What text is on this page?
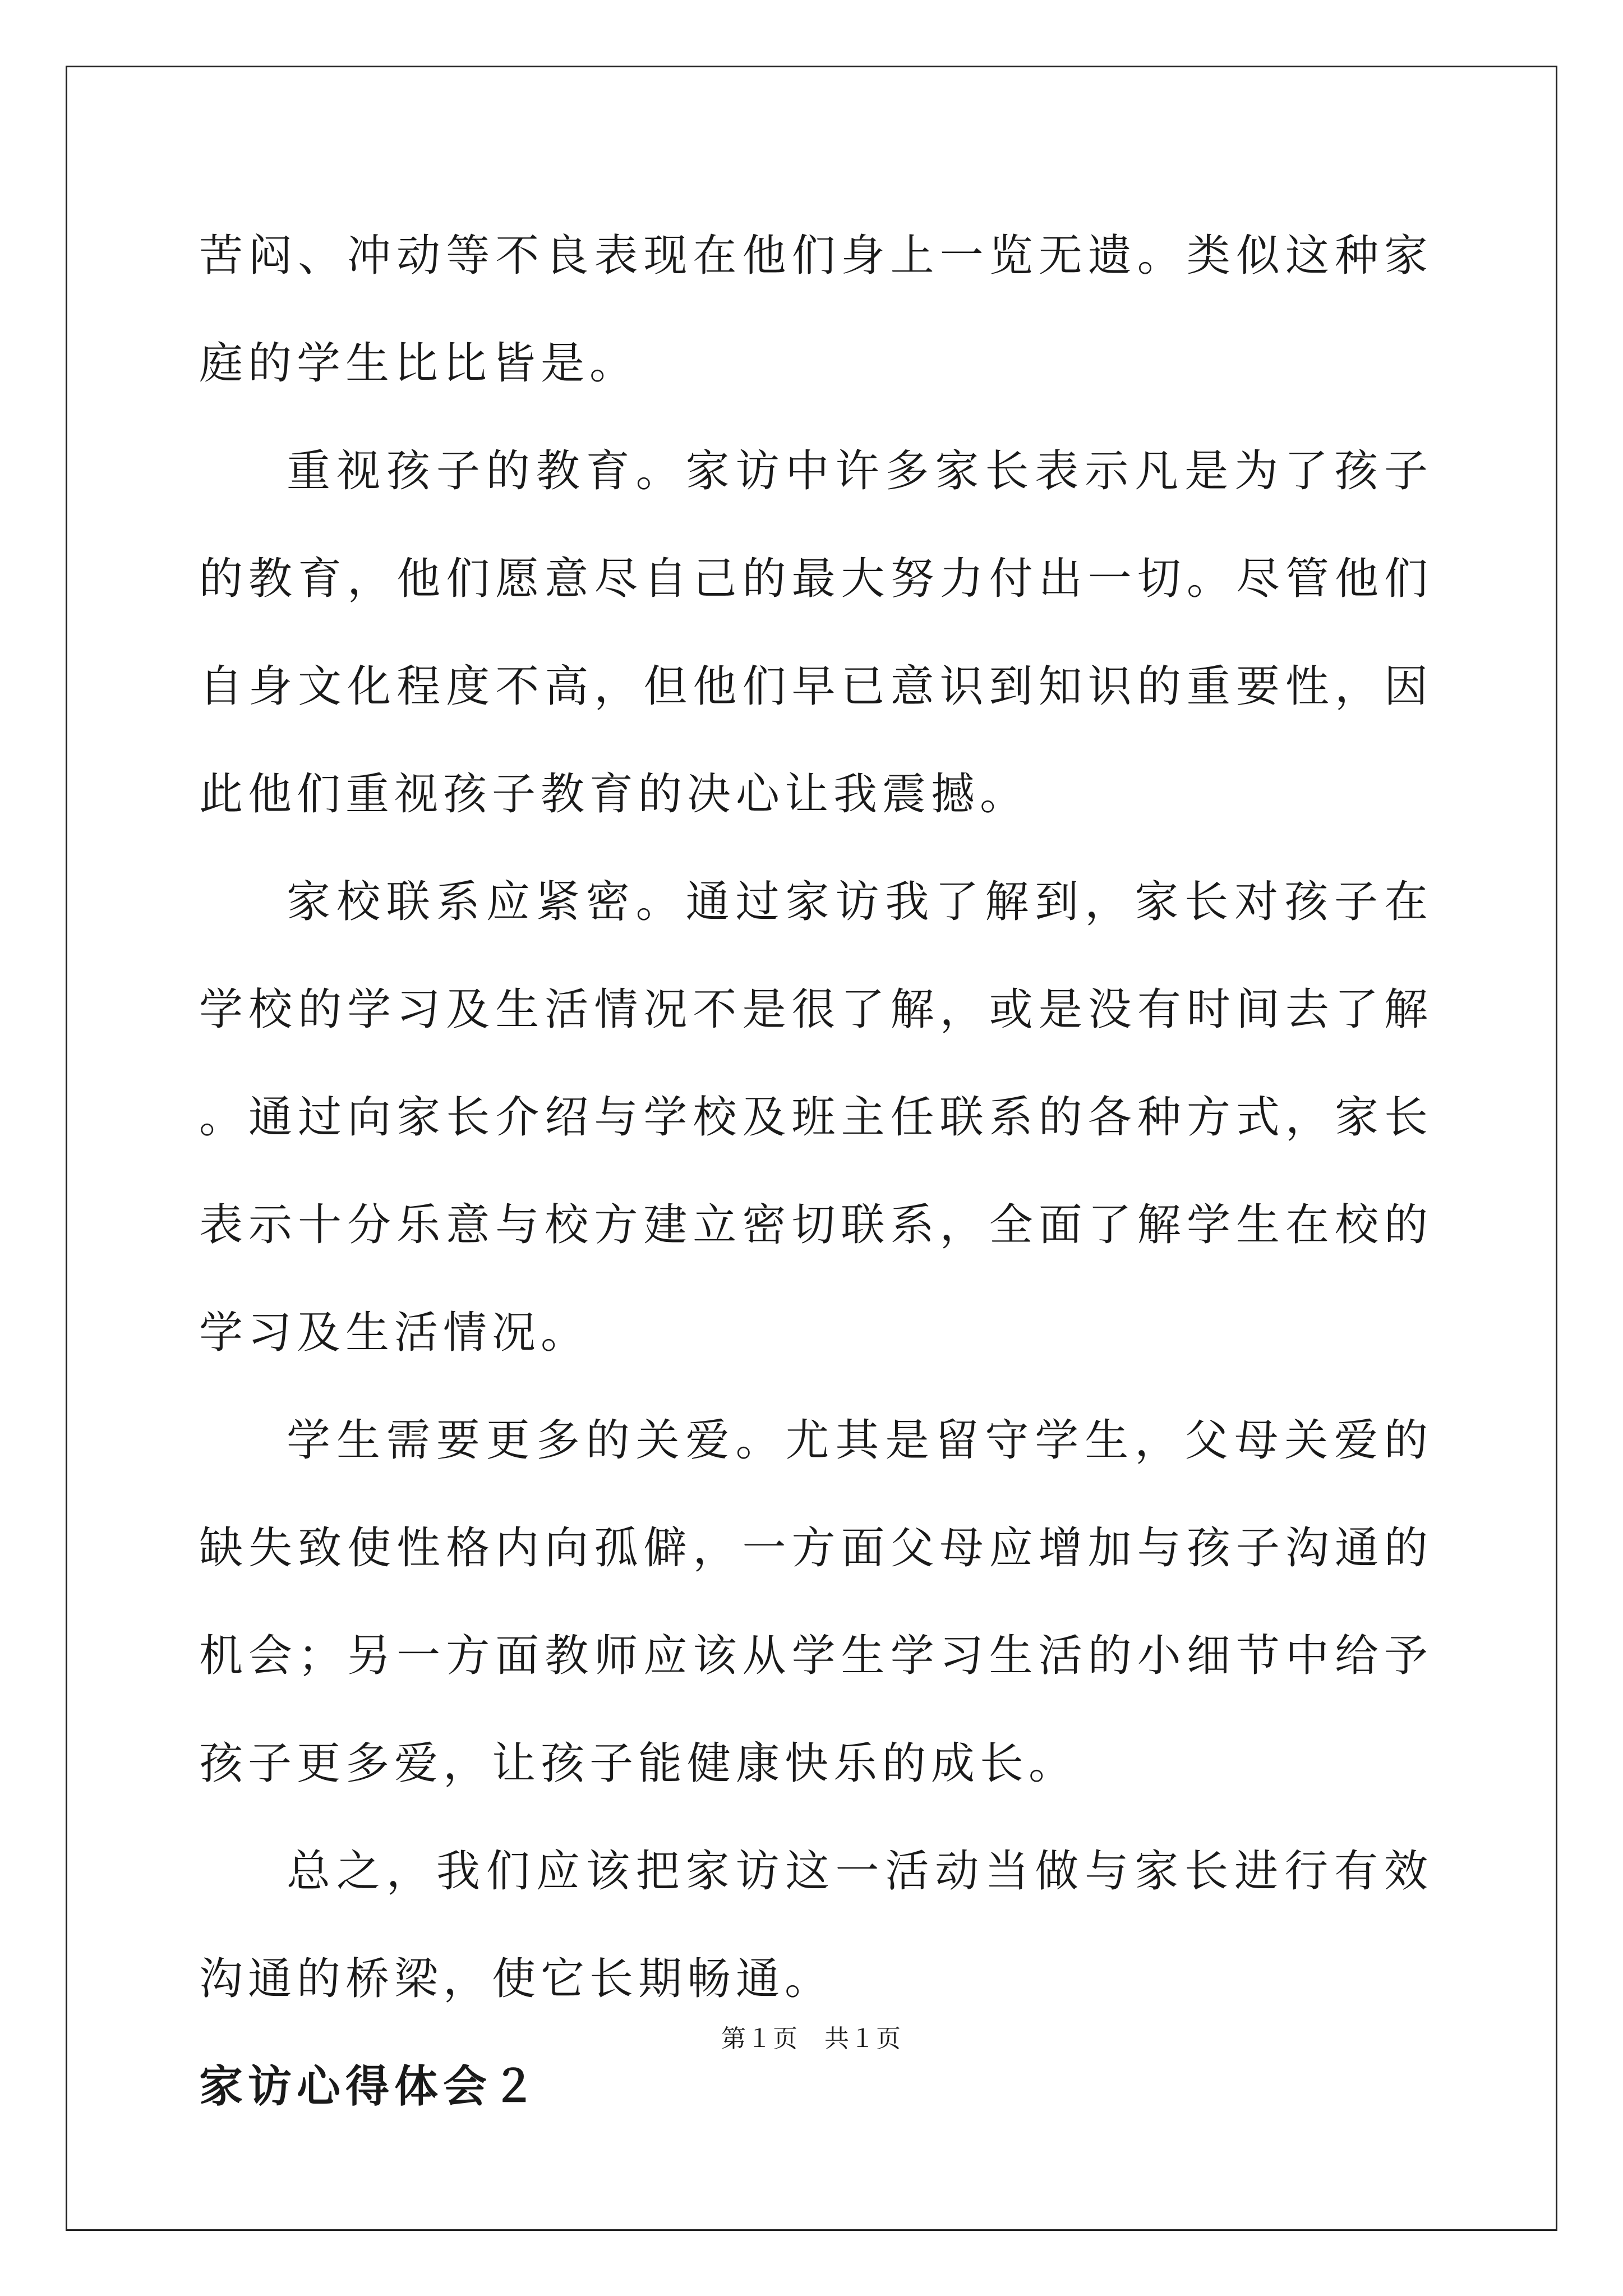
苦闷、冲动等不良表现在他们身上一览无遗。类似这种家庭的学生比比皆是。

重视孩子的教育。家访中许多家长表示凡是为了孩子的教育，他们愿意尽自己的最大努力付出一切。尽管他们自身文化程度不高，但他们早已意识到知识的重要性，因此他们重视孩子教育的决心让我震撼。

家校联系应紧密。通过家访我了解到，家长对孩子在学校的学习及生活情况不是很了解，或是没有时间去了解。通过向家长介绍与学校及班主任联系的各种方式，家长表示十分乐意与校方建立密切联系，全面了解学生在校的学习及生活情况。

学生需要更多的关爱。尤其是留守学生，父母关爱的缺失致使性格内向孤僻，一方面父母应增加与孩子沟通的机会；另一方面教师应该从学生学习生活的小细节中给予孩子更多爱，让孩子能健康快乐的成长。

总之，我们应该把家访这一活动当做与家长进行有效沟通的桥梁，使它长期畅通。

家访心得体会２
第１页 共１页
